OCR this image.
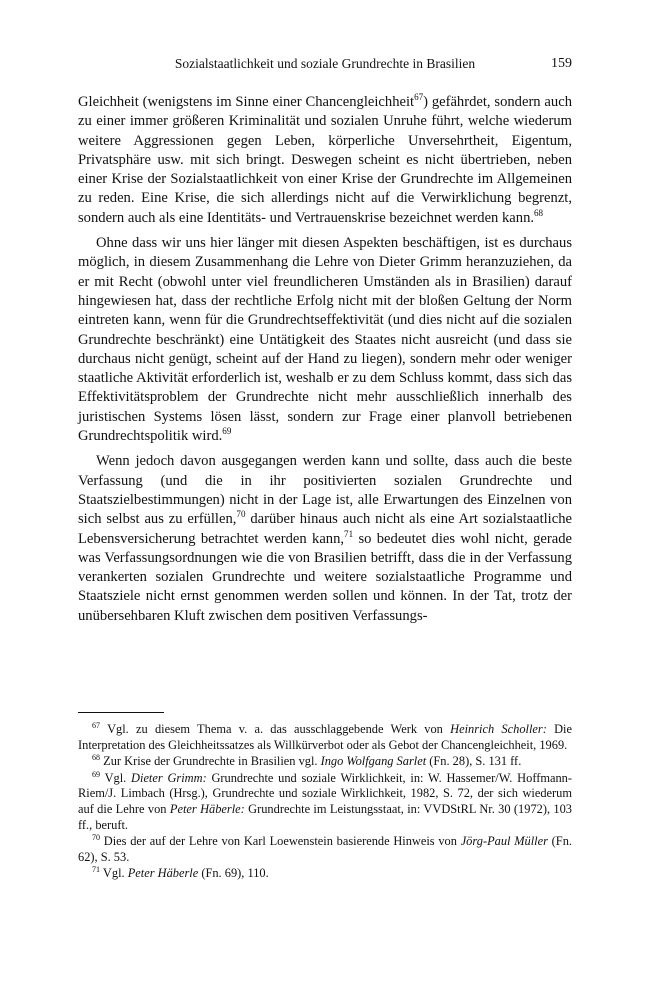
Sozialstaatlichkeit und soziale Grundrechte in Brasilien	159

Gleichheit (wenigstens im Sinne einer Chancengleichheit$^{67}$) gefährdet, sondern auch zu einer immer größeren Kriminalität und sozialen Unruhe führt, welche wiederum weitere Aggressionen gegen Leben, körperliche Unversehrtheit, Eigentum, Privatsphäre usw. mit sich bringt. Deswegen scheint es nicht übertrieben, neben einer Krise der Sozialstaatlichkeit von einer Krise der Grundrechte im Allgemeinen zu reden. Eine Krise, die sich allerdings nicht auf die Verwirklichung begrenzt, sondern auch als eine Identitäts- und Vertrauenskrise bezeichnet werden kann.$^{68}$

Ohne dass wir uns hier länger mit diesen Aspekten beschäftigen, ist es durchaus möglich, in diesem Zusammenhang die Lehre von Dieter Grimm heranzuziehen, da er mit Recht (obwohl unter viel freundlicheren Umständen als in Brasilien) darauf hingewiesen hat, dass der rechtliche Erfolg nicht mit der bloßen Geltung der Norm eintreten kann, wenn für die Grundrechtseffektivität (und dies nicht auf die sozialen Grundrechte beschränkt) eine Untätigkeit des Staates nicht ausreicht (und dass sie durchaus nicht genügt, scheint auf der Hand zu liegen), sondern mehr oder weniger staatliche Aktivität erforderlich ist, weshalb er zu dem Schluss kommt, dass sich das Effektivitätsproblem der Grundrechte nicht mehr ausschließlich innerhalb des juristischen Systems lösen lässt, sondern zur Frage einer planvoll betriebenen Grundrechtspolitik wird.$^{69}$

Wenn jedoch davon ausgegangen werden kann und sollte, dass auch die beste Verfassung (und die in ihr positivierten sozialen Grundrechte und Staatszielbestimmungen) nicht in der Lage ist, alle Erwartungen des Einzelnen von sich selbst aus zu erfüllen,$^{70}$ darüber hinaus auch nicht als eine Art sozialstaatliche Lebensversicherung betrachtet werden kann,$^{71}$ so bedeutet dies wohl nicht, gerade was Verfassungsordnungen wie die von Brasilien betrifft, dass die in der Verfassung verankerten sozialen Grundrechte und weitere sozialstaatliche Programme und Staatsziele nicht ernst genommen werden sollen und können. In der Tat, trotz der unübersehbaren Kluft zwischen dem positiven Verfassungs-

$^{67}$ Vgl. zu diesem Thema v. a. das ausschlaggebende Werk von Heinrich Scholler: Die Interpretation des Gleichheitssatzes als Willkürverbot oder als Gebot der Chancengleichheit, 1969.

$^{68}$ Zur Krise der Grundrechte in Brasilien vgl. Ingo Wolfgang Sarlet (Fn. 28), S. 131 ff.

$^{69}$ Vgl. Dieter Grimm: Grundrechte und soziale Wirklichkeit, in: W. Hassemer/W. Hoffmann-Riem/J. Limbach (Hrsg.), Grundrechte und soziale Wirklichkeit, 1982, S. 72, der sich wiederum auf die Lehre von Peter Häberle: Grundrechte im Leistungsstaat, in: VVDStRL Nr. 30 (1972), 103 ff., beruft.

$^{70}$ Dies der auf der Lehre von Karl Loewenstein basierende Hinweis von Jörg-Paul Müller (Fn. 62), S. 53.

$^{71}$ Vgl. Peter Häberle (Fn. 69), 110.
